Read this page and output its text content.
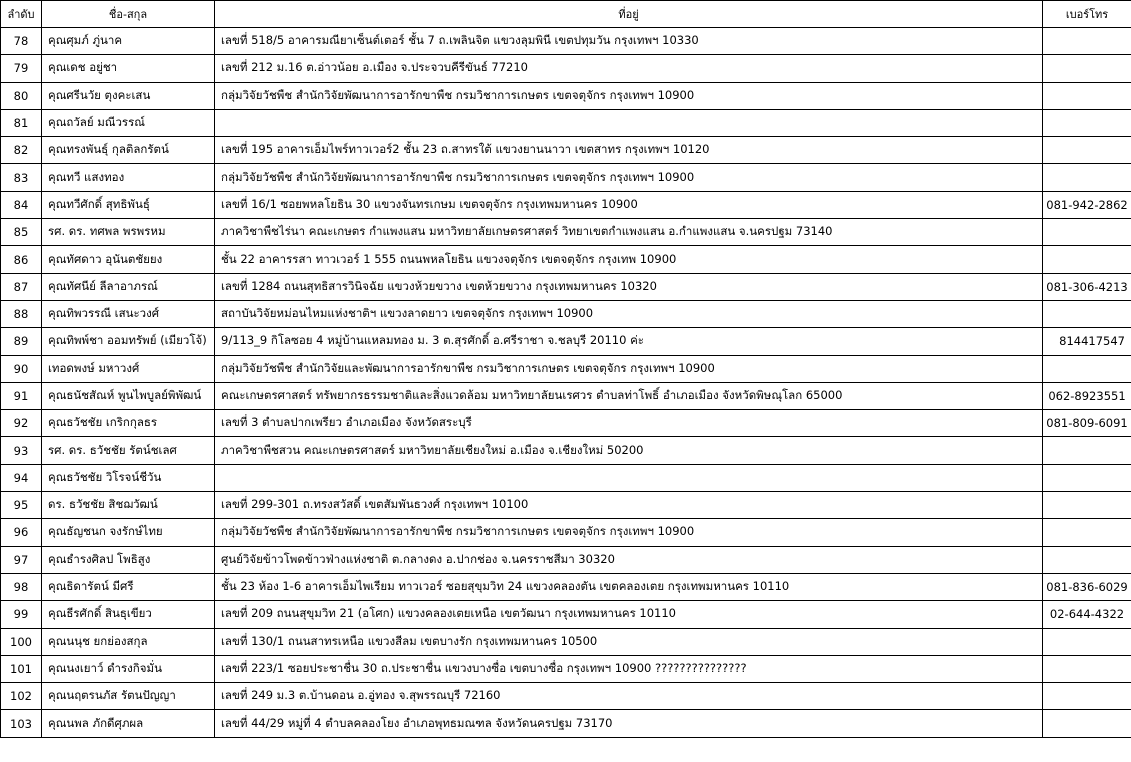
ลำดับ	ชื่อ-สกุล	ที่อยู่	เบอร์โทร
78	คุณศุมภ์ ภู่นาค	เลขที่ 518/5 อาคารมณียาเซ็นต์เตอร์ ชั้น 7 ถ.เพลินจิต แขวงลุมพินี เขตปทุมวัน กรุงเทพฯ 10330	
79	คุณเดช อยู่ชา	เลขที่ 212 ม.16 ต.อ่าวน้อย อ.เมือง จ.ประจวบคีรีขันธ์ 77210	
80	คุณศรีนวัย ตุงคะเสน	กลุ่มวิจัยวัชพืช สำนักวิจัยพัฒนาการอารักขาพืช กรมวิชาการเกษตร เขตจตุจักร กรุงเทพฯ 10900	
81	คุณถวัลย์ มณีวรรณ์		
82	คุณทรงพันธุ์ กุลติลกรัตน์	เลขที่ 195 อาคารเอ็มไพร์ทาวเวอร์2 ชั้น 23 ถ.สาทรใต้ แขวงยานนาวา เขตสาทร กรุงเทพฯ 10120	
83	คุณทวี แสงทอง	กลุ่มวิจัยวัชพืช สำนักวิจัยพัฒนาการอารักขาพืช กรมวิชาการเกษตร เขตจตุจักร กรุงเทพฯ 10900	
84	คุณทวีศักดิ์ สุทธิพันธุ์	เลขที่ 16/1 ซอยพหลโยธิน 30 แขวงจันทรเกษม เขตจตุจักร กรุงเทพมหานคร 10900	081-942-2862
85	รศ. ดร. ทศพล พรพรหม	ภาควิชาพืชไร่นา คณะเกษตร กำแพงแสน มหาวิทยาลัยเกษตรศาสตร์ วิทยาเขตกำแพงแสน อ.กำแพงแสน จ.นครปฐม 73140	
86	คุณทัศดาว อุนันตชัยยง	ชั้น 22 อาคารรสา ทาวเวอร์ 1 555 ถนนพหลโยธิน แขวงจตุจักร เขตจตุจักร กรุงเทพ 10900	
87	คุณทัศนีย์ ลีลาอาภรณ์	เลขที่ 1284 ถนนสุทธิสารวินิจฉัย แขวงห้วยขวาง เขตห้วยขวาง กรุงเทพมหานคร 10320	081-306-4213
88	คุณทิพวรรณี เสนะวงศ์	สถาบันวิจัยหม่อนไหมแห่งชาติฯ แขวงลาดยาว เขตจตุจักร กรุงเทพฯ 10900	
89	คุณทิพพ์ชา ออมทรัพย์ (เมียวโจ้)	9/113_9 กิโลซอย 4 หมู่บ้านแหลมทอง ม. 3 ต.สุรศักดิ์ อ.ศรีราชา จ.ชลบุรี 20110 ค่ะ	814417547
90	เทอดพงษ์ มหาวงศ์	กลุ่มวิจัยวัชพืช สำนักวิจัยและพัฒนาการอารักขาพืช กรมวิชาการเกษตร เขตจตุจักร กรุงเทพฯ 10900	
91	คุณธนัชสัณห์ พูนไพบูลย์พิพัฒน์	คณะเกษตรศาสตร์ ทรัพยากรธรรมชาติและสิ่งแวดล้อม มหาวิทยาลัยนเรศวร ตำบลท่าโพธิ์ อำเภอเมือง จังหวัดพิษณุโลก 65000	062-8923551
92	คุณธวัชชัย เกริกกุลธร	เลขที่ 3 ตำบลปากเพรียว อำเภอเมือง จังหวัดสระบุรี	081-809-6091
93	รศ. ดร. ธวัชชัย รัตน์ชเลศ	ภาควิชาพืชสวน คณะเกษตรศาสตร์ มหาวิทยาลัยเชียงใหม่ อ.เมือง จ.เชียงใหม่ 50200	
94	คุณธวัชชัย วิโรจน์ชีวัน		
95	ดร. ธวัชชัย สิชฌวัฒน์	เลขที่ 299-301 ถ.ทรงสวัสดิ์ เขตสัมพันธวงศ์ กรุงเทพฯ 10100	
96	คุณธัญชนก จงรักษ์ไทย	กลุ่มวิจัยวัชพืช สำนักวิจัยพัฒนาการอารักขาพืช กรมวิชาการเกษตร เขตจตุจักร กรุงเทพฯ 10900	
97	คุณธำรงศิลป โพธิสูง	ศูนย์วิจัยข้าวโพดข้าวฟ่างแห่งชาติ ต.กลางดง อ.ปากช่อง จ.นครราชสีมา 30320	
98	คุณธิดารัตน์ มีศรี	ชั้น 23 ห้อง 1-6 อาคารเอ็มไพเรียม ทาวเวอร์ ซอยสุขุมวิท 24 แขวงคลองตัน เขตคลองเตย กรุงเทพมหานคร 10110	081-836-6029
99	คุณธีรศักดิ์ สินธุเขียว	เลขที่ 209 ถนนสุขุมวิท 21 (อโศก) แขวงคลองเตยเหนือ เขตวัฒนา กรุงเทพมหานคร 10110	02-644-4322
100	คุณนนุช ยกย่องสกุล	เลขที่ 130/1 ถนนสาทรเหนือ แขวงสีลม เขตบางรัก กรุงเทพมหานคร 10500	
101	คุณนงเยาว์ ดำรงกิจมั่น	เลขที่ 223/1 ซอยประชาชื่น 30 ถ.ประชาชื่น แขวงบางซื่อ เขตบางซื่อ กรุงเทพฯ 10900 ???????????????	
102	คุณนฤตรนภัส รัตนปัญญา	เลขที่ 249 ม.3 ต.บ้านดอน อ.อู่ทอง จ.สุพรรณบุรี 72160	
103	คุณนพล ภักดีศุภผล	เลขที่ 44/29 หมู่ที่ 4 ตำบลคลองโยง อำเภอพุทธมณฑล จังหวัดนครปฐม 73170	
